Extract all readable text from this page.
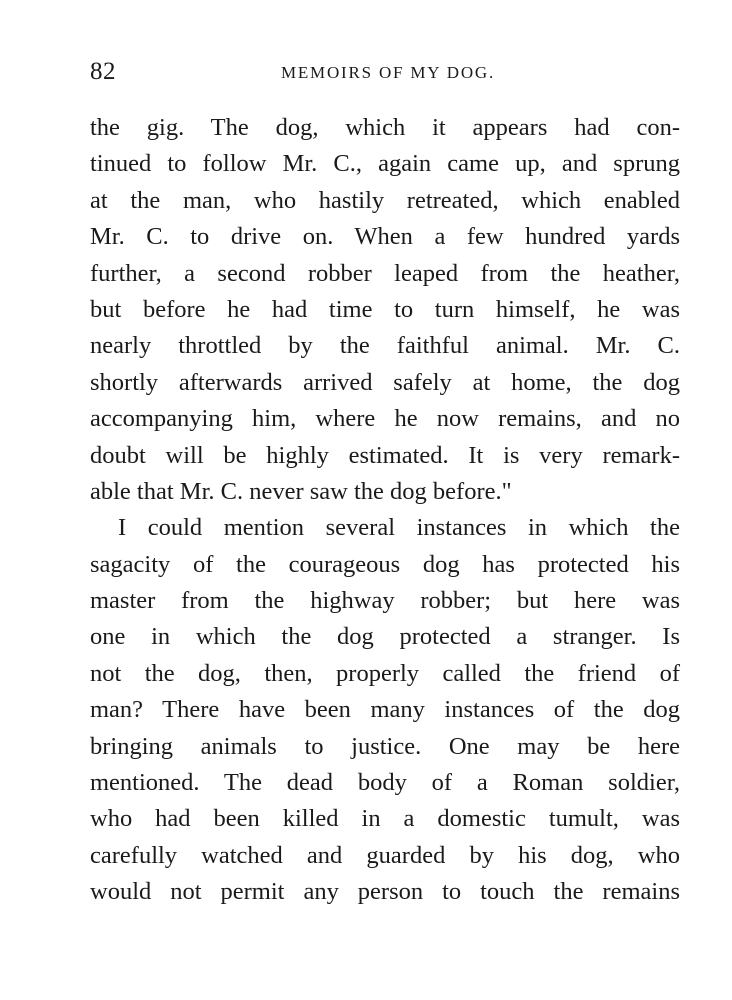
82	MEMOIRS OF MY DOG.
the gig. The dog, which it appears had con-
tinued to follow Mr. C., again came up, and sprung
at the man, who hastily retreated, which enabled
Mr. C. to drive on. When a few hundred yards
further, a second robber leaped from the heather,
but before he had time to turn himself, he was
nearly throttled by the faithful animal. Mr. C.
shortly afterwards arrived safely at home, the dog
accompanying him, where he now remains, and no
doubt will be highly estimated. It is very remark-
able that Mr. C. never saw the dog before."
I could mention several instances in which the
sagacity of the courageous dog has protected his
master from the highway robber; but here was
one in which the dog protected a stranger. Is
not the dog, then, properly called the friend of
man? There have been many instances of the dog
bringing animals to justice. One may be here
mentioned. The dead body of a Roman soldier,
who had been killed in a domestic tumult, was
carefully watched and guarded by his dog, who
would not permit any person to touch the remains
